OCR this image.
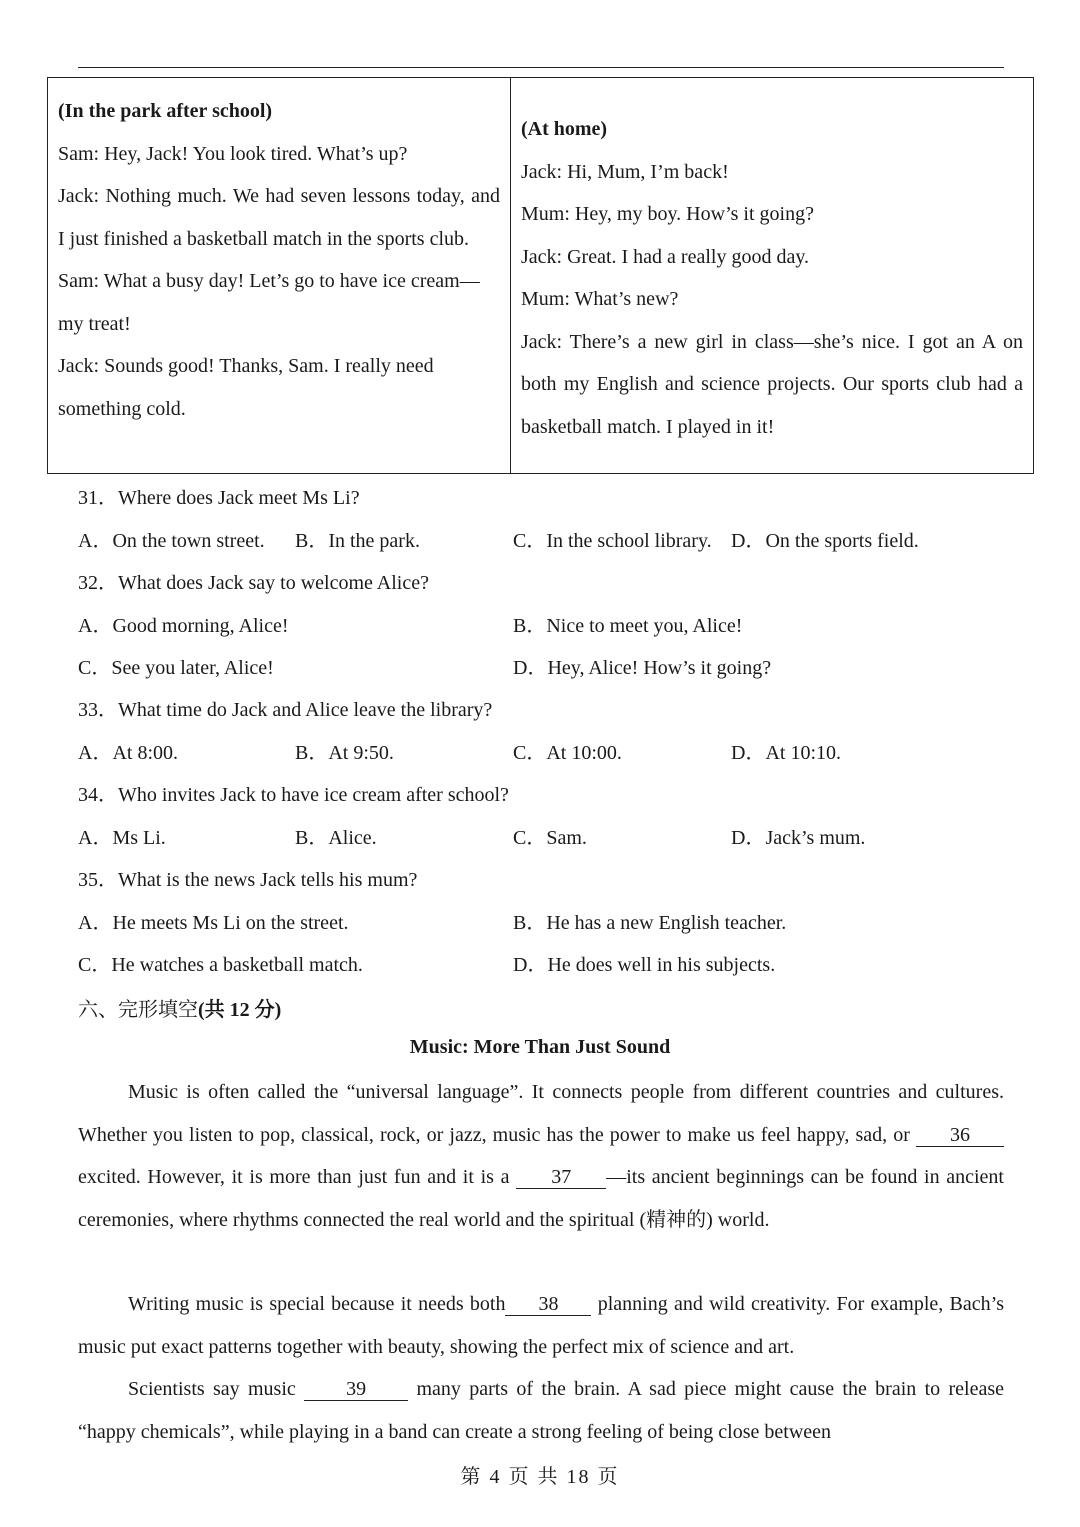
(In the park after school)
Sam: Hey, Jack! You look tired. What’s up?
Jack: Nothing much. We had seven lessons today, and I just finished a basketball match in the sports club.
Sam: What a busy day! Let’s go to have ice cream—my treat!
Jack: Sounds good! Thanks, Sam. I really need something cold.
(At home)
Jack: Hi, Mum, I’m back!
Mum: Hey, my boy. How’s it going?
Jack: Great. I had a really good day.
Mum: What’s new?
Jack: There’s a new girl in class—she’s nice. I got an A on both my English and science projects. Our sports club had a basketball match. I played in it!
31．Where does Jack meet Ms Li?
A．On the town street. B．In the park.	C．In the school library. D．On the sports field.
32．What does Jack say to welcome Alice?
A．Good morning, Alice!	B．Nice to meet you, Alice!
C．See you later, Alice!	D．Hey, Alice! How’s it going?
33．What time do Jack and Alice leave the library?
A．At 8:00.	B．At 9:50.	C．At 10:00.	D．At 10:10.
34．Who invites Jack to have ice cream after school?
A．Ms Li.	B．Alice.	C．Sam.	D．Jack’s mum.
35．What is the news Jack tells his mum?
A．He meets Ms Li on the street.	B．He has a new English teacher.
C．He watches a basketball match.	D．He does well in his subjects.
六、完形填空(共 12 分)
Music: More Than Just Sound
Music is often called the “universal language”. It connects people from different countries and cultures. Whether you listen to pop, classical, rock, or jazz, music has the power to make us feel happy, sad, or 36excited. However, it is more than just fun and it is a 37 —its ancient beginnings can be found in ancient ceremonies, where rhythms connected the real world and the spiritual (精神的) world.
Writing music is special because it needs both 38 planning and wild creativity. For example, Bach’s music put exact patterns together with beauty, showing the perfect mix of science and art.
Scientists say music 39 many parts of the brain. A sad piece might cause the brain to release “happy chemicals”, while playing in a band can create a strong feeling of being close between
第 4 页 共 18 页
